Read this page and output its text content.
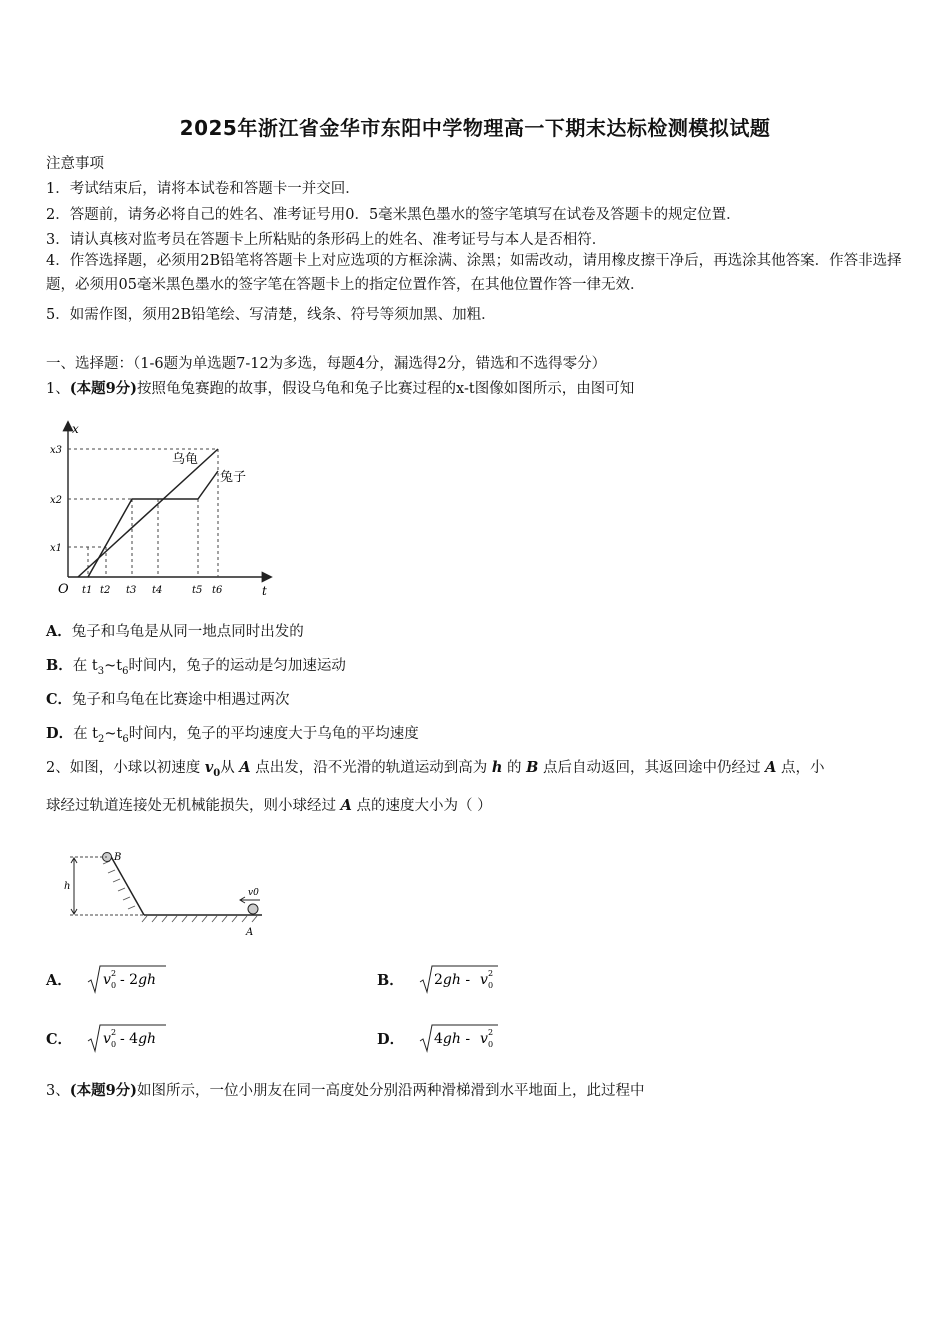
2025年浙江省金华市东阳中学物理高一下期末达标检测模拟试题
注意事项
1．考试结束后，请将本试卷和答题卡一并交回．
2．答题前，请务必将自己的姓名、准考证号用0．5毫米黑色墨水的签字笔填写在试卷及答题卡的规定位置．
3．请认真核对监考员在答题卡上所粘贴的条形码上的姓名、准考证号与本人是否相符．
4．作答选择题，必须用2B铅笔将答题卡上对应选项的方框涂满、涂黑；如需改动，请用橡皮擦干净后，再选涂其他答案．作答非选择题，必须用05毫米黑色墨水的签字笔在答题卡上的指定位置作答，在其他位置作答一律无效．
5．如需作图，须用2B铅笔绘、写清楚，线条、符号等须加黑、加粗．
一、选择题：（1-6题为单选题7-12为多选，每题4分，漏选得2分，错选和不选得零分）
1、(本题9分)按照龟兔赛跑的故事，假设乌龟和兔子比赛过程的x-t图像如图所示，由图可知
乌龟
兔子
x
t
O
x3
x2
x1
t1 t2 t3 t4	t5 t6
A．兔子和乌龟是从同一地点同时出发的
B．在 $t_3\sim t_6$时间内，兔子的运动是匀加速运动
C．兔子和乌龟在比赛途中相遇过两次
D．在 $t_2\sim t_6$时间内，兔子的平均速度大于乌龟的平均速度
2、如图，小球以初速度 $v_0$从 A 点出发，沿不光滑的轨道运动到高为 h 的 B 点后自动返回，其返回途中仍经过 A 点，小
球经过轨道连接处无机械能损失，则小球经过 A 点的速度大小为（ ）
B
h
v0
A
A． v 2
0 - 2gh	B． 2gh - v 2
0
C． v 2
0 - 4gh	D． 4gh - v 2
0
3、(本题9分)如图所示，一位小朋友在同一高度处分别沿两种滑梯滑到水平地面上，此过程中
